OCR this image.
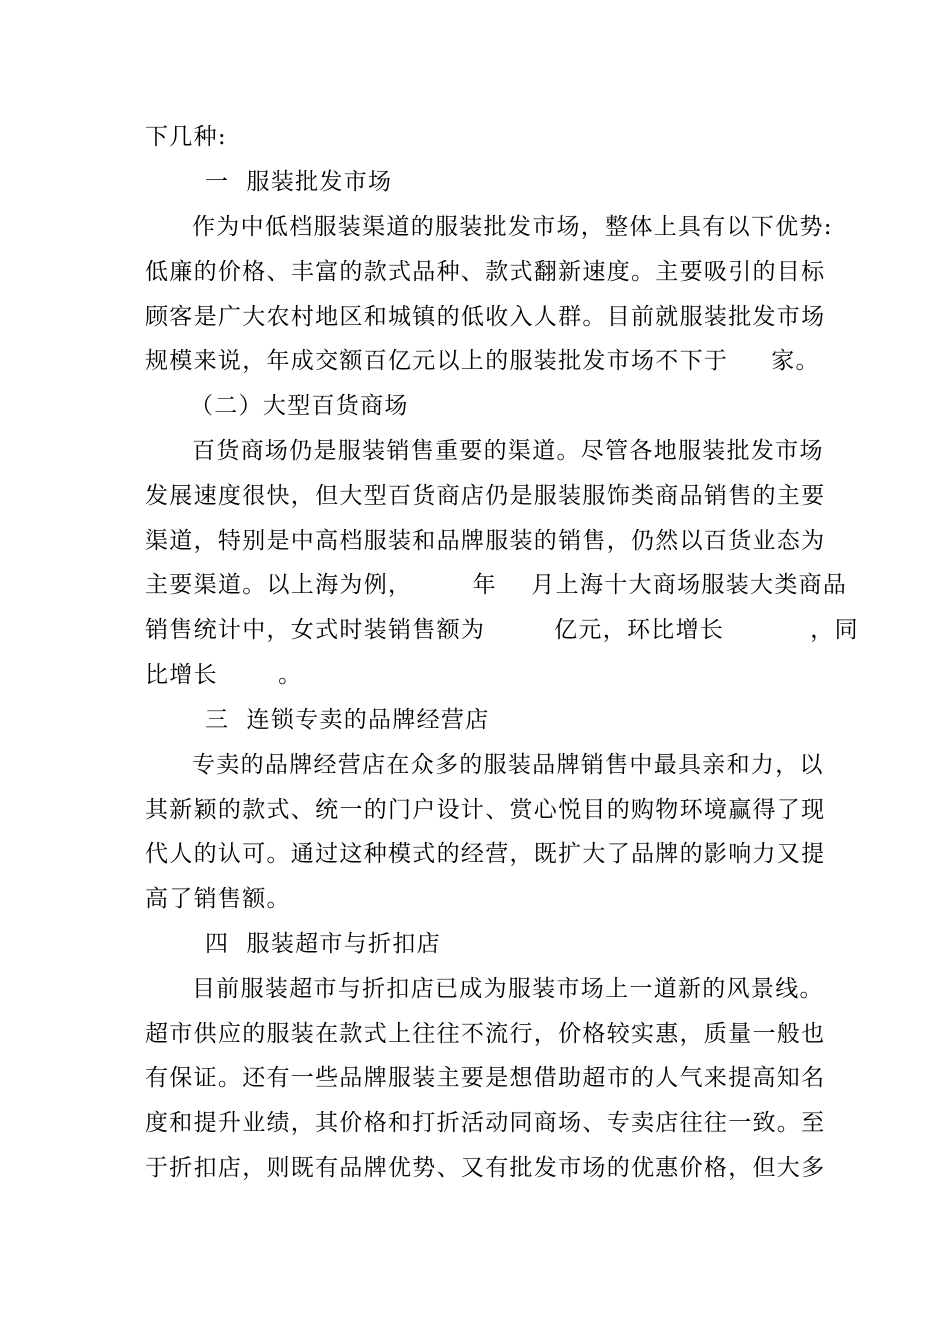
下几种:
一  服装批发市场
作为中低档服装渠道的服装批发市场，整体上具有以下优势:
低廉的价格、丰富的款式品种、款式翻新速度。主要吸引的目标
顾客是广大农村地区和城镇的低收入人群。目前就服装批发市场
规模来说，年成交额百亿元以上的服装批发市场不下于     家。
（二）大型百货商场
百货商场仍是服装销售重要的渠道。尽管各地服装批发市场
发展速度很快，但大型百货商店仍是服装服饰类商品销售的主要
渠道，特别是中高档服装和品牌服装的销售，仍然以百货业态为
主要渠道。以上海为例，       年    月上海十大商场服装大类商品
销售统计中，女式时装销售额为        亿元，环比增长          ，同
比增长       。
三  连锁专卖的品牌经营店
专卖的品牌经营店在众多的服装品牌销售中最具亲和力，以
其新颖的款式、统一的门户设计、赏心悦目的购物环境赢得了现
代人的认可。通过这种模式的经营，既扩大了品牌的影响力又提
高了销售额。
四  服装超市与折扣店
目前服装超市与折扣店已成为服装市场上一道新的风景线。
超市供应的服装在款式上往往不流行，价格较实惠，质量一般也
有保证。还有一些品牌服装主要是想借助超市的人气来提高知名
度和提升业绩，其价格和打折活动同商场、专卖店往往一致。至
于折扣店，则既有品牌优势、又有批发市场的优惠价格，但大多
